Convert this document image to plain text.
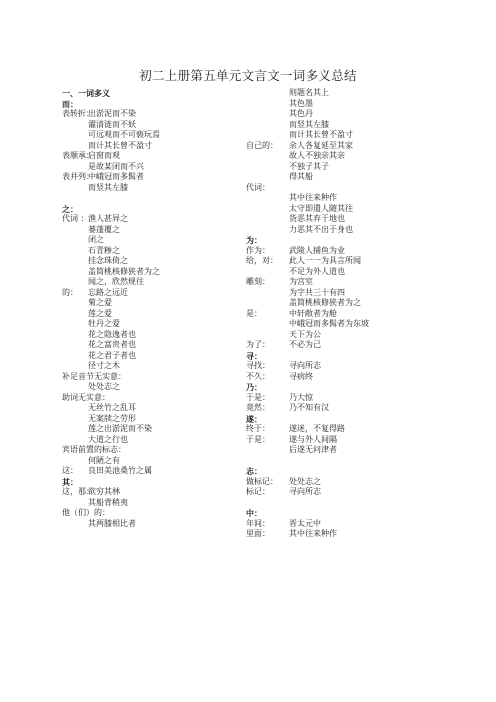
初二上册第五单元文言文一词多义总结
一、一词多义
而：
表转折：
出淤泥而不染
濯清涟而不妖
可远观而不可亵玩焉
而计其长曾不盈寸
表顺承：
启窗而观
是故某闭而不兴
表并列：
中峨冠而多髯者
而竖其左膝
之：
代词 ： 渔人甚异之
蒌蓬覆之
闭之
石青糁之
挂念珠倚之
盖简桃核修狭者为之
闻之，欣然规往
的： 忘路之远近
菊之爱
莲之爱
牡丹之爱
花之隐逸者也
花之富贵者也
花之君子者也
径寸之木
补足音节无实意：
处处志之
助词无实意：
无丝竹之乱耳
无案牍之劳形
莲之出淤泥而不染
大道之行也
宾语前置的标志：
何陋之有
这： 良田美池桑竹之属
其：
这，那：
欲穷其林
其船背稍夷
他（们）的：
其两膝相比者
则题名其上
其色墨
其色丹
而竖其左膝
而计其长曾不盈寸
自己的： 余人各复延至其家
故人不独亲其亲
不独子其子
得其船
代词：
其中往来种作
太守即遣人随其往
货恶其弃于地也
力恶其不出于身也
为：
作为： 武陵人捕鱼为业
给，对： 此人一一为具言所闻
不足为外人道也
雕刻： 为宫室
为字共三十有四
盖简桃核修狭者为之
是：	中轩敞者为舱
中峨冠而多髯者为东坡
天下为公
为了： 不必为己
寻：
寻找： 寻向所志
不久： 寻病终
乃：
于是： 乃大惊
竟然： 乃不知有汉
遂：
终于： 遂迷，不复得路
于是： 遂与外人间隔
后遂无问津者
志：
做标记： 处处志之
标记： 寻向所志
中：
年间： 晋太元中
里面： 其中往来种作
